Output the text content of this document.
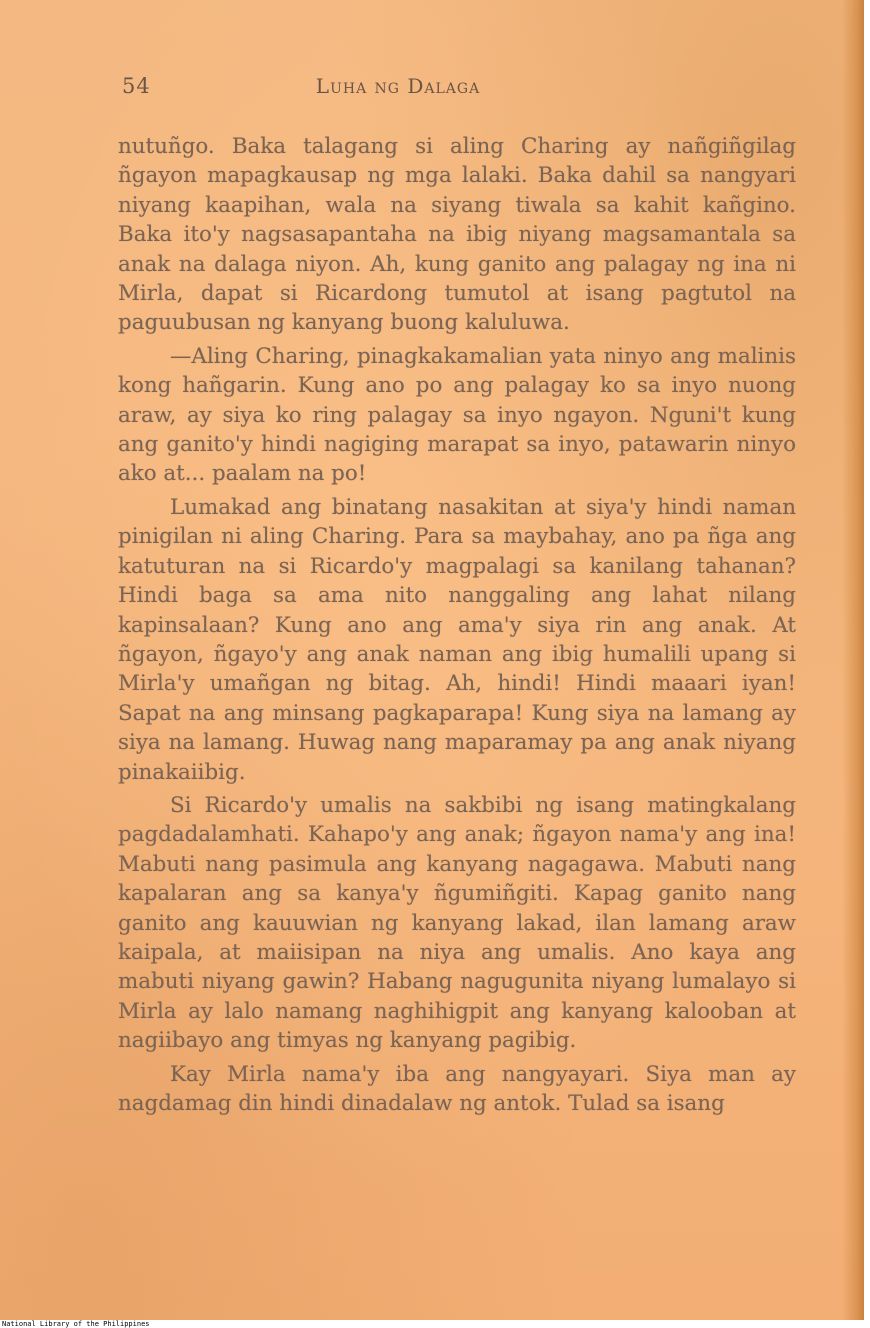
54	Luha ng Dalaga

nutuñgo. Baka talagang si aling Charing ay nañgiñgilag ñgayon mapagkausap ng mga lalaki. Baka dahil sa nangyari niyang kaapihan, wala na siyang tiwala sa kahit kañgino. Baka ito'y nagsasapantaha na ibig niyang magsamantala sa anak na dalaga niyon. Ah, kung ganito ang palagay ng ina ni Mirla, dapat si Ricardong tumutol at isang pagtutol na paguubusan ng kanyang buong kaluluwa.

—Aling Charing, pinagkakamalian yata ninyo ang malinis kong hañgarin. Kung ano po ang palagay ko sa inyo nuong araw, ay siya ko ring palagay sa inyo ngayon. Nguni't kung ang ganito'y hindi nagiging marapat sa inyo, patawarin ninyo ako at... paalam na po!

Lumakad ang binatang nasakitan at siya'y hindi naman pinigilan ni aling Charing. Para sa maybahay, ano pa ñga ang katuturan na si Ricardo'y magpalagi sa kanilang tahanan? Hindi baga sa ama nito nanggaling ang lahat nilang kapinsalaan? Kung ano ang ama'y siya rin ang anak. At ñgayon, ñgayo'y ang anak naman ang ibig humalili upang si Mirla'y umañgan ng bitag. Ah, hindi! Hindi maaari iyan! Sapat na ang minsang pagkaparapa! Kung siya na lamang ay siya na lamang. Huwag nang maparamay pa ang anak niyang pinakaiibig.

Si Ricardo'y umalis na sakbibi ng isang matingkalang pagdadalamhati. Kahapo'y ang anak; ñgayon nama'y ang ina! Mabuti nang pasimula ang kanyang nagagawa. Mabuti nang kapalaran ang sa kanya'y ñgumiñgiti. Kapag ganito nang ganito ang kauuwian ng kanyang lakad, ilan lamang araw kaipala, at maiisipan na niya ang umalis. Ano kaya ang mabuti niyang gawin? Habang nagugunita niyang lumalayo si Mirla ay lalo namang naghihigpit ang kanyang kalooban at nagiibayo ang timyas ng kanyang pagibig.

Kay Mirla nama'y iba ang nangyayari. Siya man ay nagdamag din hindi dinadalaw ng antok. Tulad sa isang

National Library of the Philippines
